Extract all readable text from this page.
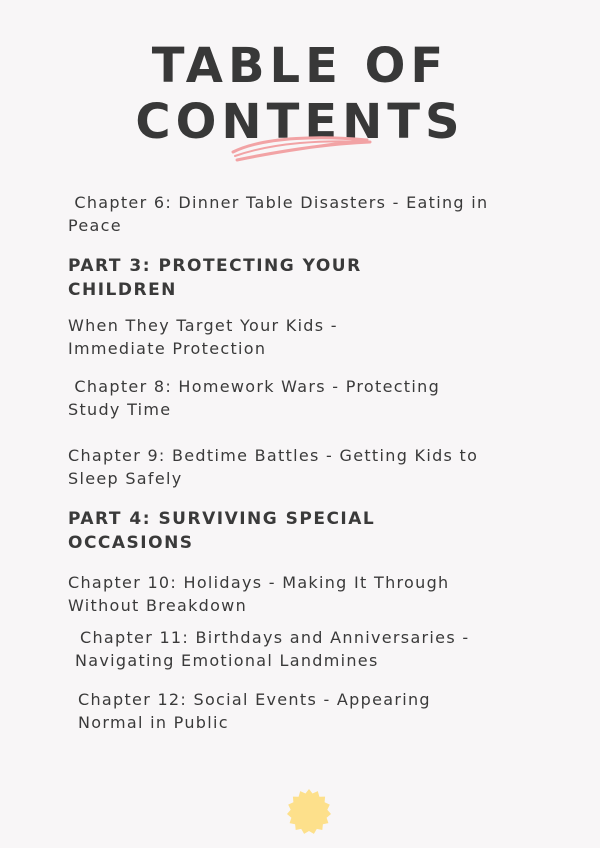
TABLE OF
CONTENTS

Chapter 6: Dinner Table Disasters - Eating in
Peace

PART 3: PROTECTING YOUR
CHILDREN

When They Target Your Kids -
Immediate Protection

Chapter 8: Homework Wars - Protecting
Study Time

Chapter 9: Bedtime Battles - Getting Kids to
Sleep Safely

PART 4: SURVIVING SPECIAL
OCCASIONS

Chapter 10: Holidays - Making It Through
Without Breakdown

Chapter 11: Birthdays and Anniversaries -
Navigating Emotional Landmines

Chapter 12: Social Events - Appearing
Normal in Public
